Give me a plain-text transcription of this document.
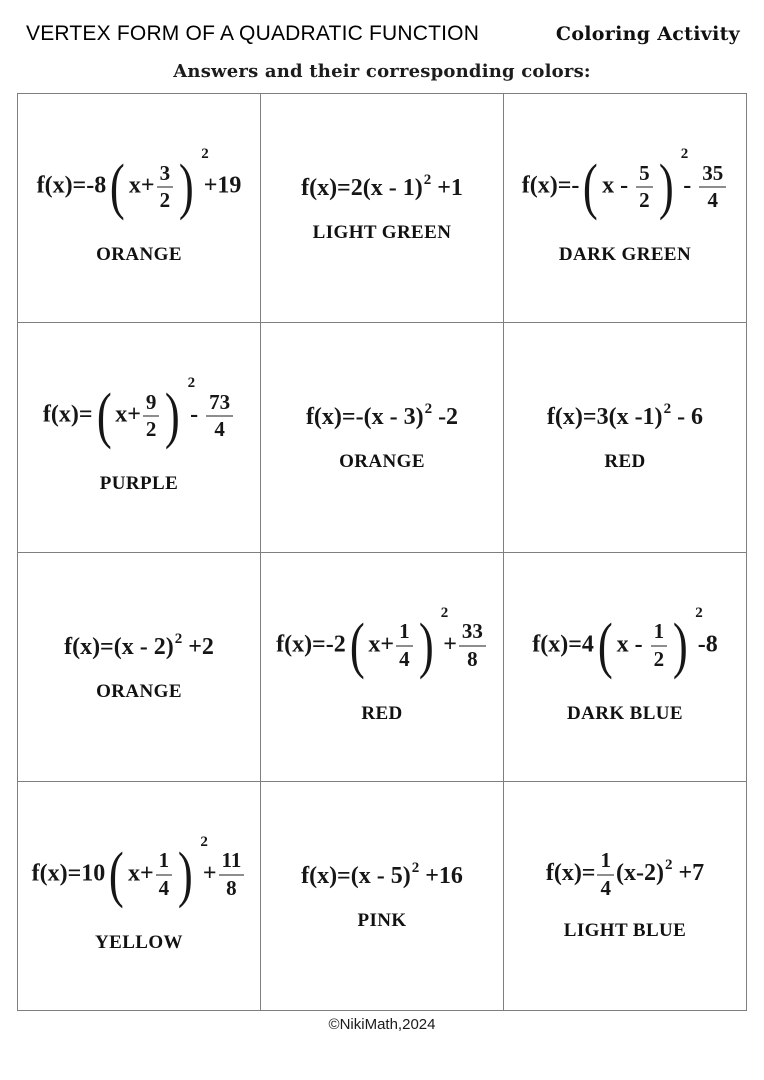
VERTEX FORM OF A QUADRATIC FUNCTION	Coloring Activity
Answers and their corresponding colors:
f(x)=-8 ( $x+ \frac{3}{2}$ ) 2
+19
ORANGE
f(x)=2(x - 1)$^2$ +1
LIGHT GREEN
f(x)=- ( x - $\frac{5}{2}$ ) 2
- $\frac{35}{4}$
DARK GREEN
f(x)= ( $x+ \frac{9}{2}$ ) 2
- $\frac{73}{4}$
PURPLE
f(x)=-(x - 3)$^2$ -2
ORANGE
f(x)=3(x -1)$^2$ - 6
RED
f(x)=(x - 2)$^2$ +2
ORANGE
f(x)=-2 ( $x+ \frac{1}{4}$ ) 2
+ $\frac{33}{8}$
RED
f(x)=4 ( x - $\frac{1}{2}$ ) 2
-8
DARK BLUE
f(x)=10 ( $x+ \frac{1}{4}$ ) 2
+ $\frac{11}{8}$
YELLOW
f(x)=(x - 5)$^2$ +16
PINK
$f(x)= \frac{1}{4} (x-2)^2 +7$
LIGHT BLUE
©NikiMath,2024
